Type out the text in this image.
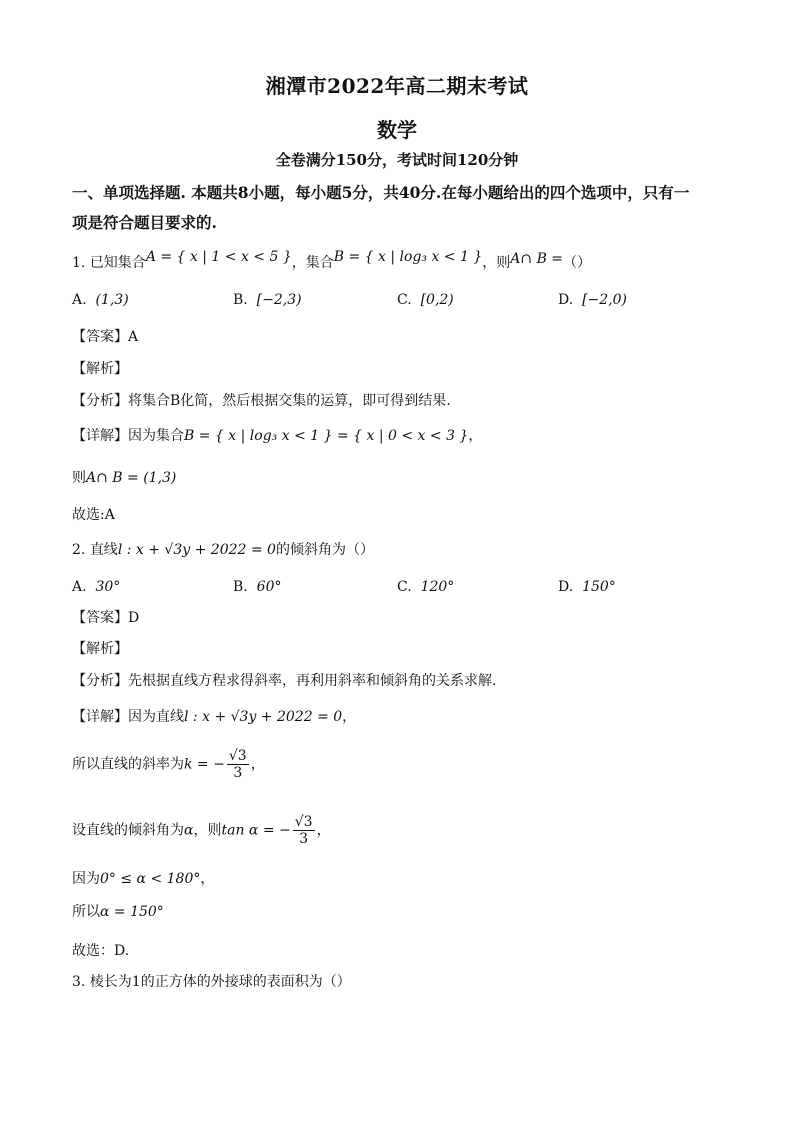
湘潭市2022年高二期末考试
数学
全卷满分150分，考试时间120分钟
一、单项选择题. 本题共8小题，每小题5分，共40分.在每小题给出的四个选项中，只有一
项是符合题目要求的.
1. 已知集合A = { x | 1 < x < 5 }，集合B = { x | log₃ x < 1 }，则A∩ B =（）
A. (1,3)	B. [−2,3)	C. [0,2)	D. [−2,0)
【答案】A
【解析】
【分析】将集合B化简，然后根据交集的运算，即可得到结果.
【详解】因为集合B = { x | log₃ x < 1 } = { x | 0 < x < 3 }，
则A∩ B = (1,3)
故选:A
2. 直线l : x + √3y + 2022 = 0的倾斜角为（）
A. 30°	B. 60°	C. 120°	D. 150°
【答案】D
【解析】
【分析】先根据直线方程求得斜率，再利用斜率和倾斜角的关系求解.
【详解】因为直线l : x + √3y + 2022 = 0，
所以直线的斜率为k = − $\frac{√3}{3}$ ，
设直线的倾斜角为α，则tan α = − $\frac{√3}{3}$ ，
因为0° ≤ α < 180°，
所以α = 150°
故选：D.
3. 棱长为1的正方体的外接球的表面积为（）
